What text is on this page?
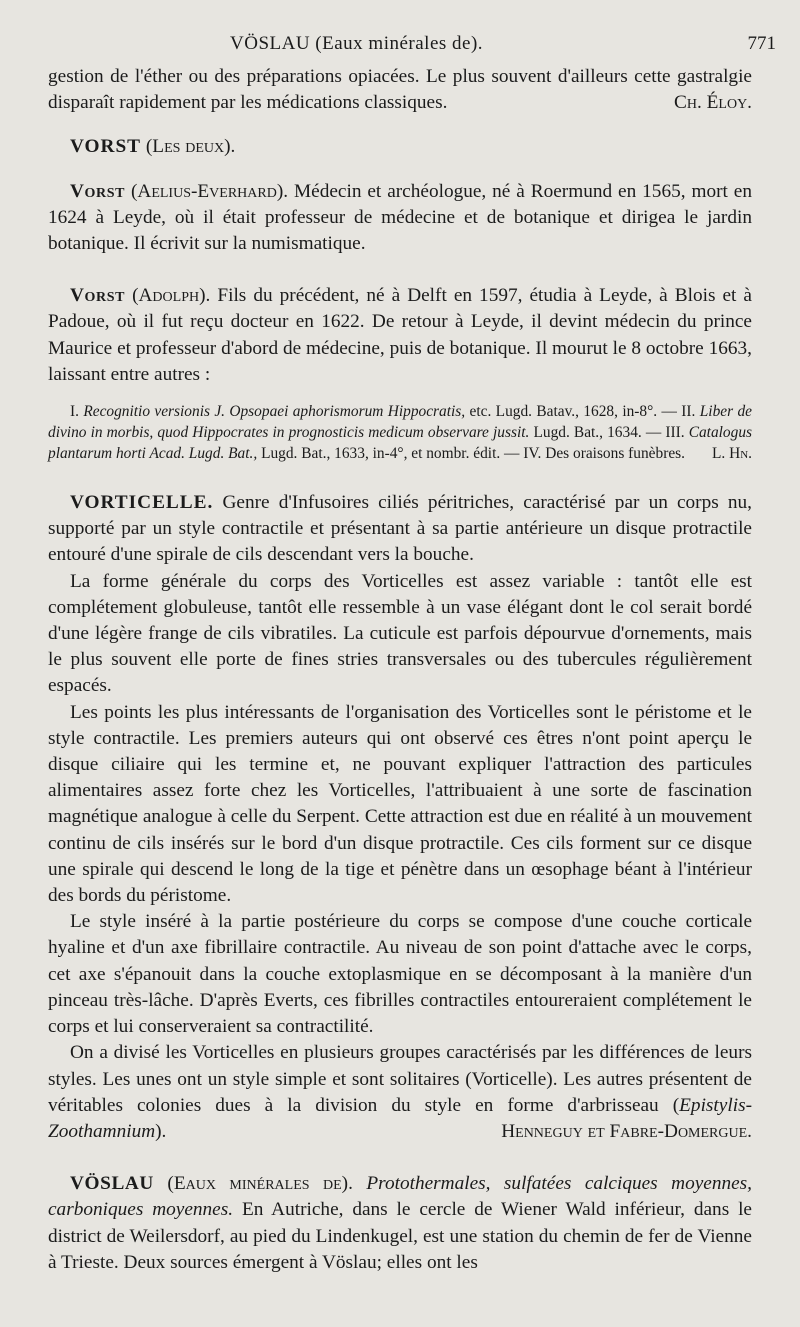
VÖSLAU (Eaux minérales de).	771

gestion de l'éther ou des préparations opiacées. Le plus souvent d'ailleurs cette gastralgie disparaît rapidement par les médications classiques.	Ch. Éloy.

VORST (Les deux).

Vorst (Aelius-Everhard). Médecin et archéologue, né à Roermund en 1565, mort en 1624 à Leyde, où il était professeur de médecine et de botanique et dirigea le jardin botanique. Il écrivit sur la numismatique.

Vorst (Adolph). Fils du précédent, né à Delft en 1597, étudia à Leyde, à Blois et à Padoue, où il fut reçu docteur en 1622. De retour à Leyde, il devint médecin du prince Maurice et professeur d'abord de médecine, puis de botanique. Il mourut le 8 octobre 1663, laissant entre autres :

I. Recognitio versionis J. Opsopaei aphorismorum Hippocratis, etc. Lugd. Batav., 1628, in-8°. — II. Liber de divino in morbis, quod Hippocrates in prognosticis medicum observare jussit. Lugd. Bat., 1634. — III. Catalogus plantarum horti Acad. Lugd. Bat., Lugd. Bat., 1633, in-4°, et nombr. édit. — IV. Des oraisons funèbres.	L. Hn.

VORTICELLE. Genre d'Infusoires ciliés péritriches, caractérisé par un corps nu, supporté par un style contractile et présentant à sa partie antérieure un disque protractile entouré d'une spirale de cils descendant vers la bouche.

La forme générale du corps des Vorticelles est assez variable : tantôt elle est complétement globuleuse, tantôt elle ressemble à un vase élégant dont le col serait bordé d'une légère frange de cils vibratiles. La cuticule est parfois dépourvue d'ornements, mais le plus souvent elle porte de fines stries transversales ou des tubercules régulièrement espacés.

Les points les plus intéressants de l'organisation des Vorticelles sont le péristome et le style contractile. Les premiers auteurs qui ont observé ces êtres n'ont point aperçu le disque ciliaire qui les termine et, ne pouvant expliquer l'attraction des particules alimentaires assez forte chez les Vorticelles, l'attribuaient à une sorte de fascination magnétique analogue à celle du Serpent. Cette attraction est due en réalité à un mouvement continu de cils insérés sur le bord d'un disque protractile. Ces cils forment sur ce disque une spirale qui descend le long de la tige et pénètre dans un œsophage béant à l'intérieur des bords du péristome.

Le style inséré à la partie postérieure du corps se compose d'une couche corticale hyaline et d'un axe fibrillaire contractile. Au niveau de son point d'attache avec le corps, cet axe s'épanouit dans la couche extoplasmique en se décomposant à la manière d'un pinceau très-lâche. D'après Everts, ces fibrilles contractiles entoureraient complétement le corps et lui conserveraient sa contractilité.

On a divisé les Vorticelles en plusieurs groupes caractérisés par les différences de leurs styles. Les unes ont un style simple et sont solitaires (Vorticelle). Les autres présentent de véritables colonies dues à la division du style en forme d'arbrisseau (Epistylis-Zoothamnium).	Henneguy et Fabre-Domergue.

VÖSLAU (Eaux minérales de). Protothermales, sulfatées calciques moyennes, carboniques moyennes. En Autriche, dans le cercle de Wiener Wald inférieur, dans le district de Weilersdorf, au pied du Lindenkugel, est une station du chemin de fer de Vienne à Trieste. Deux sources émergent à Vöslau; elles ont les
